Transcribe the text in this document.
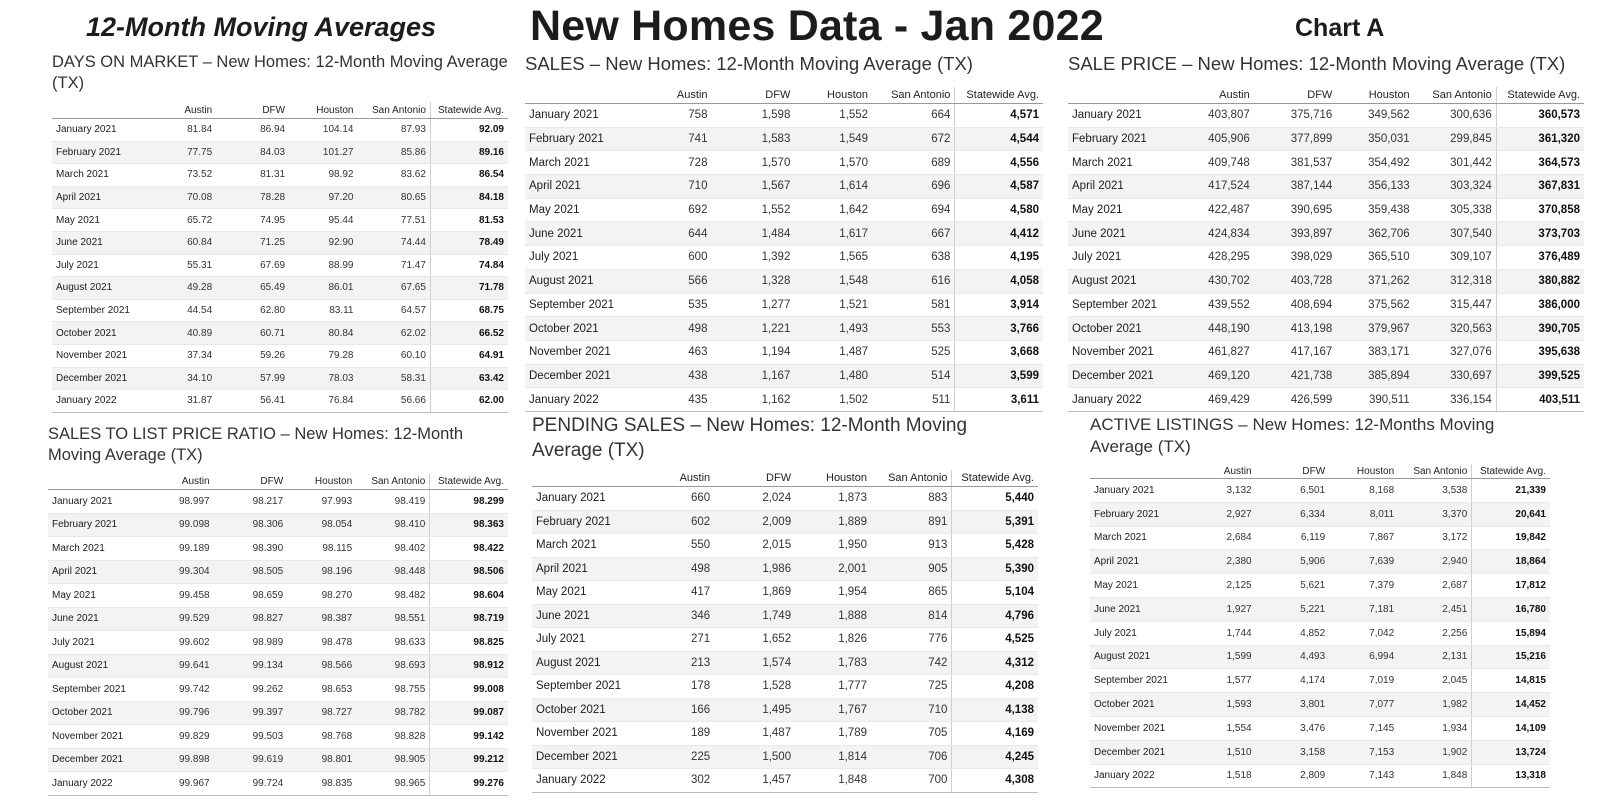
12-Month Moving Averages New Homes Data - Jan 2022	Chart A
DAYS ON MARKET – New Homes: 12-Month Moving Average (TX)
	Austin	DFW	Houston	San Antonio	Statewide Avg.
January 2021	81.84	86.94	104.14	87.93	92.09
February 2021	77.75	84.03	101.27	85.86	89.16
March 2021	73.52	81.31	98.92	83.62	86.54
April 2021	70.08	78.28	97.20	80.65	84.18
May 2021	65.72	74.95	95.44	77.51	81.53
June 2021	60.84	71.25	92.90	74.44	78.49
July 2021	55.31	67.69	88.99	71.47	74.84
August 2021	49.28	65.49	86.01	67.65	71.78
September 2021	44.54	62.80	83.11	64.57	68.75
October 2021	40.89	60.71	80.84	62.02	66.52
November 2021	37.34	59.26	79.28	60.10	64.91
December 2021	34.10	57.99	78.03	58.31	63.42
January 2022	31.87	56.41	76.84	56.66	62.00
SALES – New Homes: 12-Month Moving Average (TX)
	Austin	DFW	Houston	San Antonio	Statewide Avg.
January 2021	758	1,598	1,552	664	4,571
February 2021	741	1,583	1,549	672	4,544
March 2021	728	1,570	1,570	689	4,556
April 2021	710	1,567	1,614	696	4,587
May 2021	692	1,552	1,642	694	4,580
June 2021	644	1,484	1,617	667	4,412
July 2021	600	1,392	1,565	638	4,195
August 2021	566	1,328	1,548	616	4,058
September 2021	535	1,277	1,521	581	3,914
October 2021	498	1,221	1,493	553	3,766
November 2021	463	1,194	1,487	525	3,668
December 2021	438	1,167	1,480	514	3,599
January 2022	435	1,162	1,502	511	3,611
SALE PRICE – New Homes: 12-Month Moving Average (TX)
	Austin	DFW	Houston	San Antonio	Statewide Avg.
January 2021	403,807	375,716	349,562	300,636	360,573
February 2021	405,906	377,899	350,031	299,845	361,320
March 2021	409,748	381,537	354,492	301,442	364,573
April 2021	417,524	387,144	356,133	303,324	367,831
May 2021	422,487	390,695	359,438	305,338	370,858
June 2021	424,834	393,897	362,706	307,540	373,703
July 2021	428,295	398,029	365,510	309,107	376,489
August 2021	430,702	403,728	371,262	312,318	380,882
September 2021	439,552	408,694	375,562	315,447	386,000
October 2021	448,190	413,198	379,967	320,563	390,705
November 2021	461,827	417,167	383,171	327,076	395,638
December 2021	469,120	421,738	385,894	330,697	399,525
January 2022	469,429	426,599	390,511	336,154	403,511
SALES TO LIST PRICE RATIO – New Homes: 12-Month Moving Average (TX)
	Austin	DFW	Houston	San Antonio	Statewide Avg.
January 2021	98.997	98.217	97.993	98.419	98.299
February 2021	99.098	98.306	98.054	98.410	98.363
March 2021	99.189	98.390	98.115	98.402	98.422
April 2021	99.304	98.505	98.196	98.448	98.506
May 2021	99.458	98.659	98.270	98.482	98.604
June 2021	99.529	98.827	98.387	98.551	98.719
July 2021	99.602	98.989	98.478	98.633	98.825
August 2021	99.641	99.134	98.566	98.693	98.912
September 2021	99.742	99.262	98.653	98.755	99.008
October 2021	99.796	99.397	98.727	98.782	99.087
November 2021	99.829	99.503	98.768	98.828	99.142
December 2021	99.898	99.619	98.801	98.905	99.212
January 2022	99.967	99.724	98.835	98.965	99.276
PENDING SALES – New Homes: 12-Month Moving Average (TX)
	Austin	DFW	Houston	San Antonio	Statewide Avg.
January 2021	660	2,024	1,873	883	5,440
February 2021	602	2,009	1,889	891	5,391
March 2021	550	2,015	1,950	913	5,428
April 2021	498	1,986	2,001	905	5,390
May 2021	417	1,869	1,954	865	5,104
June 2021	346	1,749	1,888	814	4,796
July 2021	271	1,652	1,826	776	4,525
August 2021	213	1,574	1,783	742	4,312
September 2021	178	1,528	1,777	725	4,208
October 2021	166	1,495	1,767	710	4,138
November 2021	189	1,487	1,789	705	4,169
December 2021	225	1,500	1,814	706	4,245
January 2022	302	1,457	1,848	700	4,308
ACTIVE LISTINGS – New Homes: 12-Months Moving Average (TX)
	Austin	DFW	Houston	San Antonio	Statewide Avg.
January 2021	3,132	6,501	8,168	3,538	21,339
February 2021	2,927	6,334	8,011	3,370	20,641
March 2021	2,684	6,119	7,867	3,172	19,842
April 2021	2,380	5,906	7,639	2,940	18,864
May 2021	2,125	5,621	7,379	2,687	17,812
June 2021	1,927	5,221	7,181	2,451	16,780
July 2021	1,744	4,852	7,042	2,256	15,894
August 2021	1,599	4,493	6,994	2,131	15,216
September 2021	1,577	4,174	7,019	2,045	14,815
October 2021	1,593	3,801	7,077	1,982	14,452
November 2021	1,554	3,476	7,145	1,934	14,109
December 2021	1,510	3,158	7,153	1,902	13,724
January 2022	1,518	2,809	7,143	1,848	13,318
